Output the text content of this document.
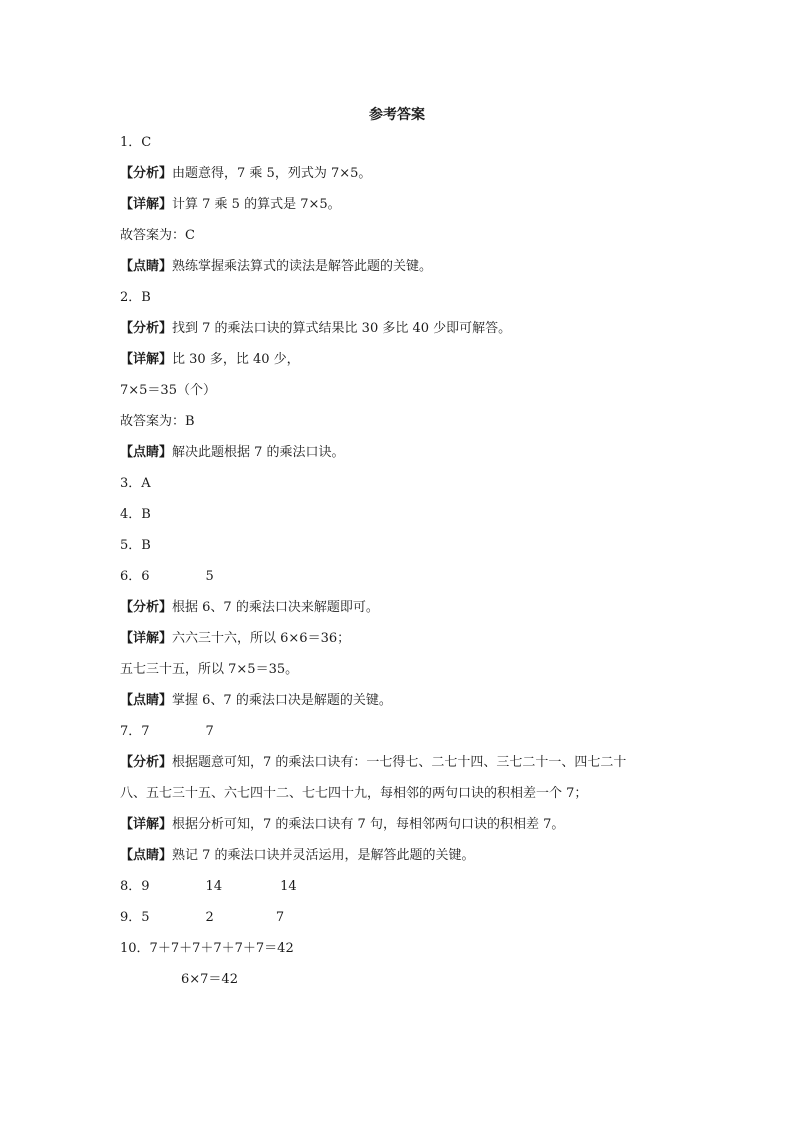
参考答案
1．C
【分析】由题意得，7 乘 5，列式为 7×5。
【详解】计算 7 乘 5 的算式是 7×5。
故答案为：C
【点睛】熟练掌握乘法算式的读法是解答此题的关键。
2．B
【分析】找到 7 的乘法口诀的算式结果比 30 多比 40 少即可解答。
【详解】比 30 多，比 40 少，
7×5＝35（个）
故答案为：B
【点睛】解决此题根据 7 的乘法口诀。
3．A
4．B
5．B
6．6	5
【分析】根据 6、7 的乘法口决来解题即可。
【详解】六六三十六，所以 6×6＝36；
五七三十五，所以 7×5＝35。
【点睛】掌握 6、7 的乘法口决是解题的关键。
7．7	7
【分析】根据题意可知，7 的乘法口诀有：一七得七、二七十四、三七二十一、四七二十
八、五七三十五、六七四十二、七七四十九，每相邻的两句口诀的积相差一个 7；
【详解】根据分析可知，7 的乘法口诀有 7 句，每相邻两句口诀的积相差 7。
【点睛】熟记 7 的乘法口诀并灵活运用，是解答此题的关键。
8．9	14	14
9．5	2	7
10．7＋7＋7＋7＋7＋7＝42
6×7＝42
